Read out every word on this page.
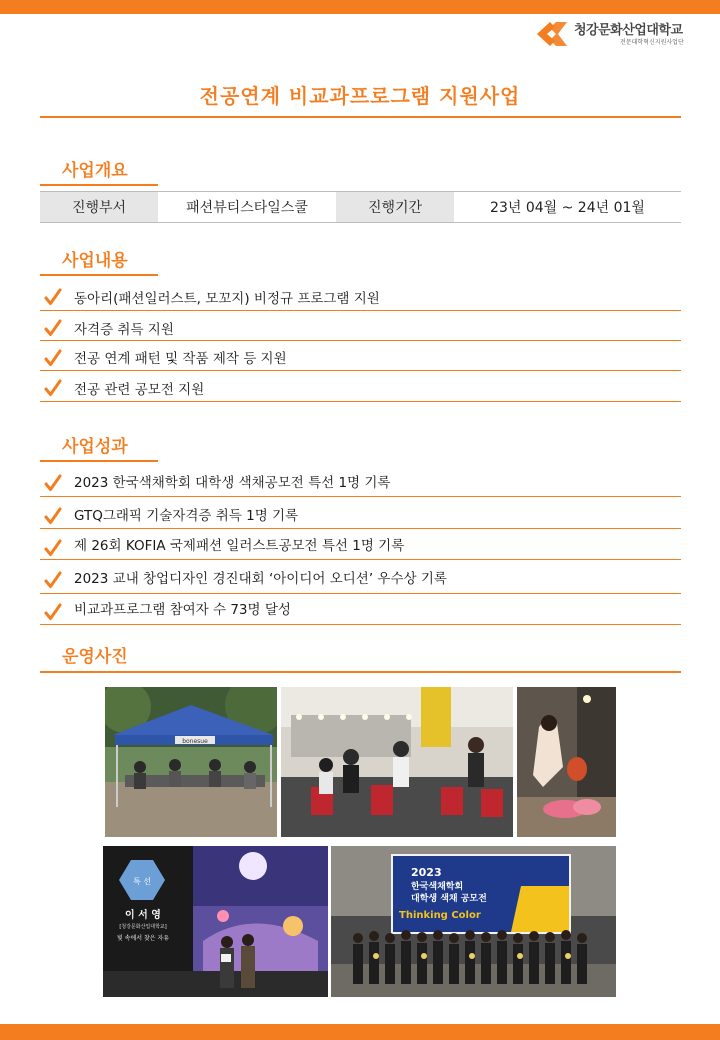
청강문화산업대학교
전문대학혁신지원사업단
전공연계 비교과프로그램 지원사업
사업개요
진행부서	패션뷰티스타일스쿨	진행기간	23년 04월 ~ 24년 01월
사업내용
동아리(패션일러스트, 모꼬지) 비정규 프로그램 지원
자격증 취득 지원
전공 연계 패턴 및 작품 제작 등 지원
전공 관련 공모전 지원
사업성과
2023 한국색채학회 대학생 색채공모전 특선 1명 기록
GTQ그래픽 기술자격증 취득 1명 기록
제 26회 KOFIA 국제패션 일러스트공모전 특선 1명 기록
2023 교내 창업디자인 경진대회 ‘아이디어 오디션’ 우수상 기록
비교과프로그램 참여자 수 73명 달성
운영사진
bonesue
특 선
이 서 영
[청강문화산업대학교]
빛 속에서 찾은 자유
2023
한국색채학회
대학생 색채 공모전
Thinking Color
